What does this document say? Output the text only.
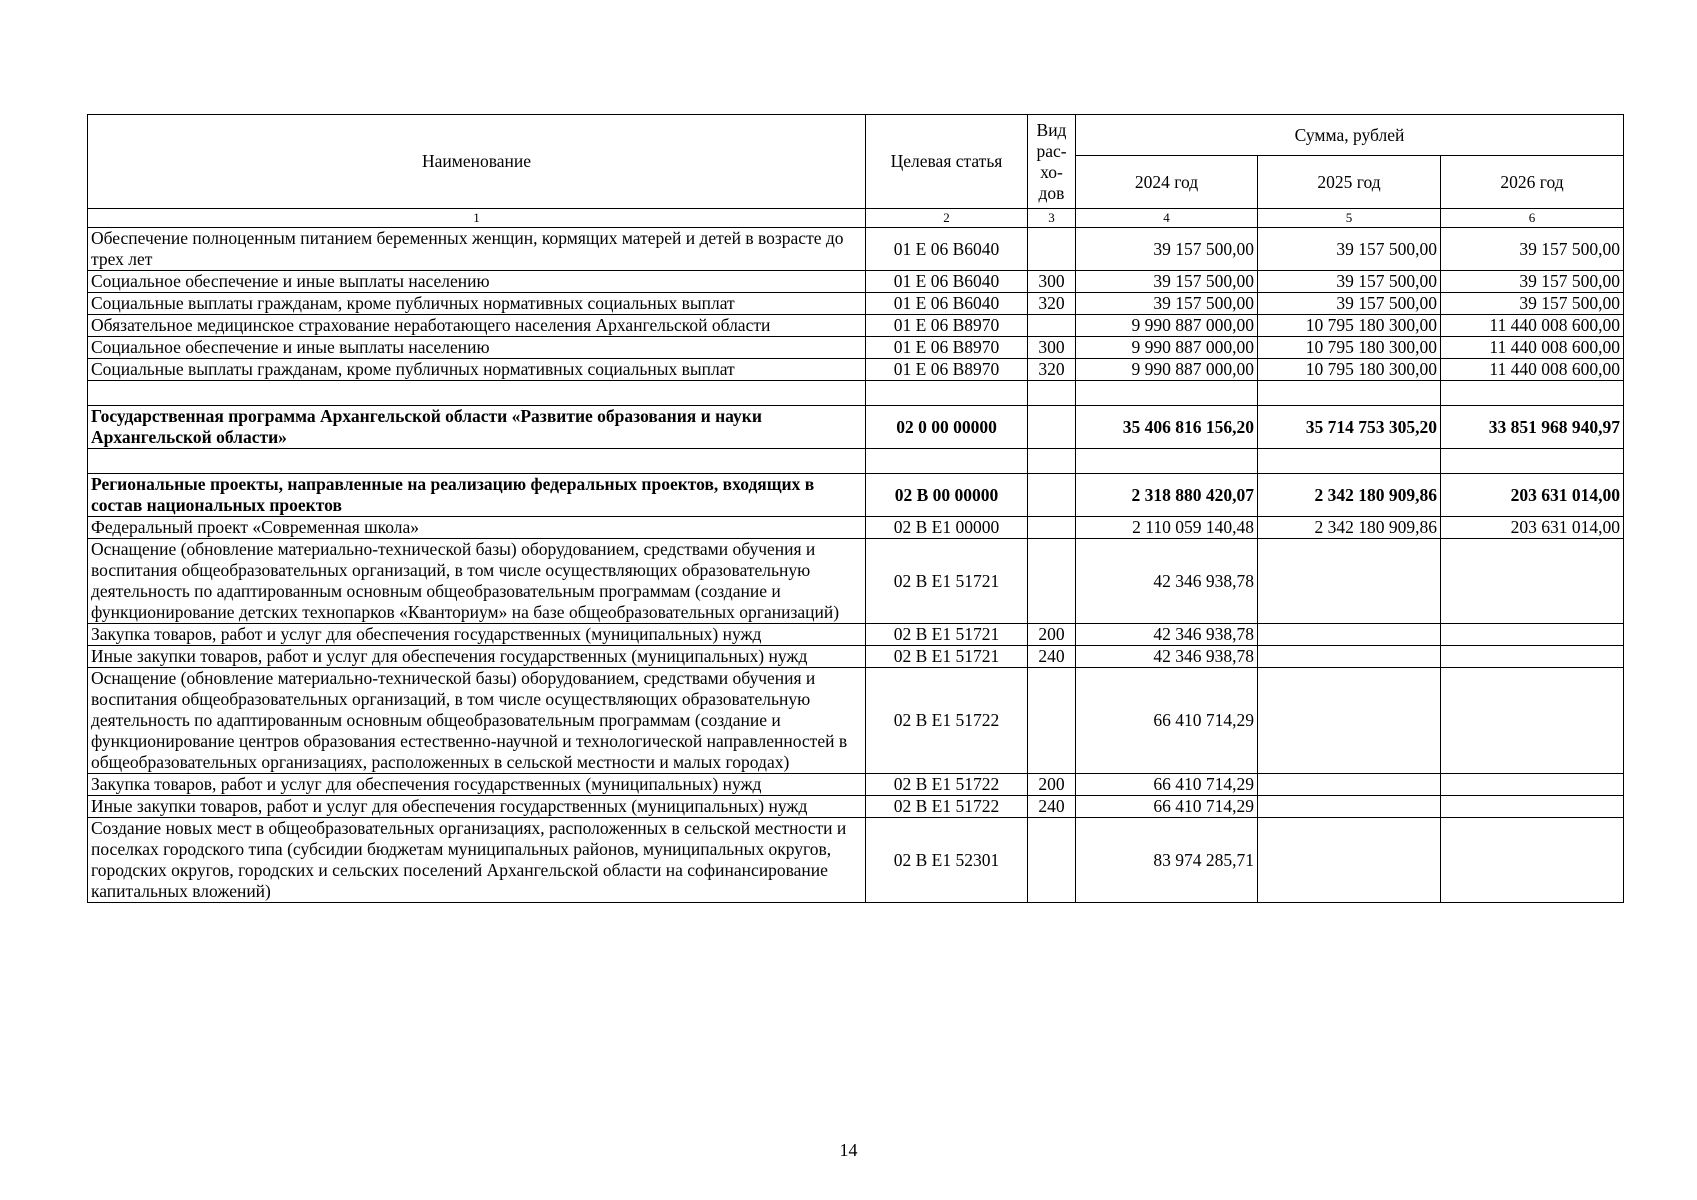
Наименование	Целевая статья	Вид рас-хо-дов	Сумма, рублей		
			2024 год	2025 год	2026 год
1	2	3	4	5	6
Обеспечение полноценным питанием беременных женщин, кормящих матерей и детей в возрасте до трех лет	01 Е 06 В6040		39 157 500,00	39 157 500,00	39 157 500,00
Социальное обеспечение и иные выплаты населению	01 Е 06 В6040	300	39 157 500,00	39 157 500,00	39 157 500,00
Социальные выплаты гражданам, кроме публичных нормативных социальных выплат	01 Е 06 В6040	320	39 157 500,00	39 157 500,00	39 157 500,00
Обязательное медицинское страхование неработающего населения Архангельской области	01 Е 06 В8970		9 990 887 000,00	10 795 180 300,00	11 440 008 600,00
Социальное обеспечение и иные выплаты населению	01 Е 06 В8970	300	9 990 887 000,00	10 795 180 300,00	11 440 008 600,00
Социальные выплаты гражданам, кроме публичных нормативных социальных выплат	01 Е 06 В8970	320	9 990 887 000,00	10 795 180 300,00	11 440 008 600,00

Государственная программа Архангельской области «Развитие образования и науки Архангельской области»	02 0 00 00000		35 406 816 156,20	35 714 753 305,20	33 851 968 940,97

Региональные проекты, направленные на реализацию федеральных проектов, входящих в состав национальных проектов	02 В 00 00000		2 318 880 420,07	2 342 180 909,86	203 631 014,00
Федеральный проект «Современная школа»	02 В Е1 00000		2 110 059 140,48	2 342 180 909,86	203 631 014,00
Оснащение (обновление материально-технической базы) оборудованием, средствами обучения и воспитания общеобразовательных организаций, в том числе осуществляющих образовательную деятельность по адаптированным основным общеобразовательным программам (создание и функционирование детских технопарков «Кванториум» на базе общеобразовательных организаций)	02 В Е1 51721		42 346 938,78		
Закупка товаров, работ и услуг для обеспечения государственных (муниципальных) нужд	02 В Е1 51721	200	42 346 938,78		
Иные закупки товаров, работ и услуг для обеспечения государственных (муниципальных) нужд	02 В Е1 51721	240	42 346 938,78		
Оснащение (обновление материально-технической базы) оборудованием, средствами обучения и воспитания общеобразовательных организаций, в том числе осуществляющих образовательную деятельность по адаптированным основным общеобразовательным программам (создание и функционирование центров образования естественно-научной и технологической направленностей в общеобразовательных организациях, расположенных в сельской местности и малых городах)	02 В Е1 51722		66 410 714,29		
Закупка товаров, работ и услуг для обеспечения государственных (муниципальных) нужд	02 В Е1 51722	200	66 410 714,29		
Иные закупки товаров, работ и услуг для обеспечения государственных (муниципальных) нужд	02 В Е1 51722	240	66 410 714,29		
Создание новых мест в общеобразовательных организациях, расположенных в сельской местности и поселках городского типа (субсидии бюджетам муниципальных районов, муниципальных округов, городских округов, городских и сельских поселений Архангельской области на софинансирование капитальных вложений)	02 В Е1 52301		83 974 285,71		
14
